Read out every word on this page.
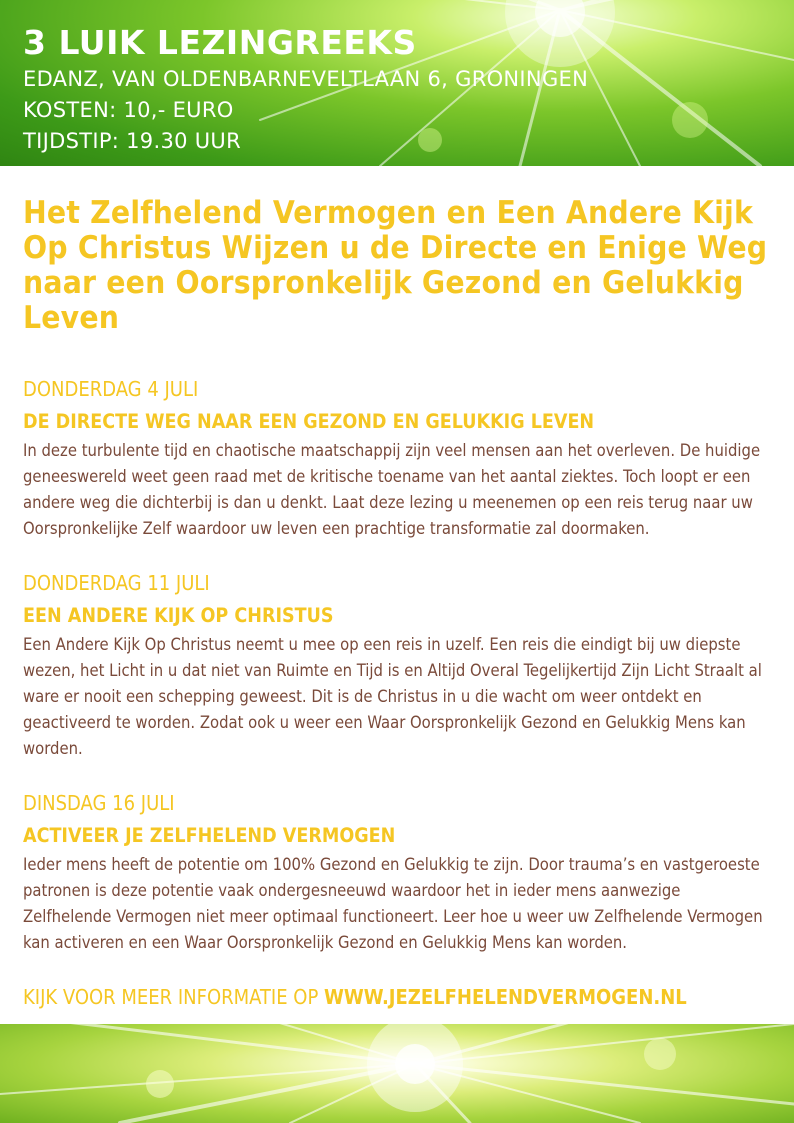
3 LUIK LEZINGREEKS
EDANZ, VAN OLDENBARNEVELTLAAN 6, GRONINGEN
KOSTEN: 10,- EURO
TIJDSTIP: 19.30 UUR
Het Zelfhelend Vermogen en Een Andere Kijk Op Christus Wijzen u de Directe en Enige Weg naar een Oorspronkelijk Gezond en Gelukkig Leven
DONDERDAG 4 JULI
DE DIRECTE WEG NAAR EEN GEZOND EN GELUKKIG LEVEN

In deze turbulente tijd en chaotische maatschappij zijn veel mensen aan het overleven. De huidige geneeswereld weet geen raad met de kritische toename van het aantal ziektes. Toch loopt er een andere weg die dichterbij is dan u denkt. Laat deze lezing u meenemen op een reis terug naar uw Oorspronkelijke Zelf waardoor uw leven een prachtige transformatie zal doormaken.

DONDERDAG 11 JULI
EEN ANDERE KIJK OP CHRISTUS

Een Andere Kijk Op Christus neemt u mee op een reis in uzelf. Een reis die eindigt bij uw diepste wezen, het Licht in u dat niet van Ruimte en Tijd is en Altijd Overal Tegelijkertijd Zijn Licht Straalt al ware er nooit een schepping geweest. Dit is de Christus in u die wacht om weer ontdekt en geactiveerd te worden. Zodat ook u weer een Waar Oorspronkelijk Gezond en Gelukkig Mens kan worden.

DINSDAG 16 JULI
ACTIVEER JE ZELFHELEND VERMOGEN

Ieder mens heeft de potentie om 100% Gezond en Gelukkig te zijn. Door trauma’s en vastgeroeste patronen is deze potentie vaak ondergesneeuwd waardoor het in ieder mens aanwezige Zelfhelende Vermogen niet meer optimaal functioneert. Leer hoe u weer uw Zelfhelende Vermogen kan activeren en een Waar Oorspronkelijk Gezond en Gelukkig Mens kan worden.

KIJK VOOR MEER INFORMATIE OP WWW.JEZELFHELENDVERMOGEN.NL
